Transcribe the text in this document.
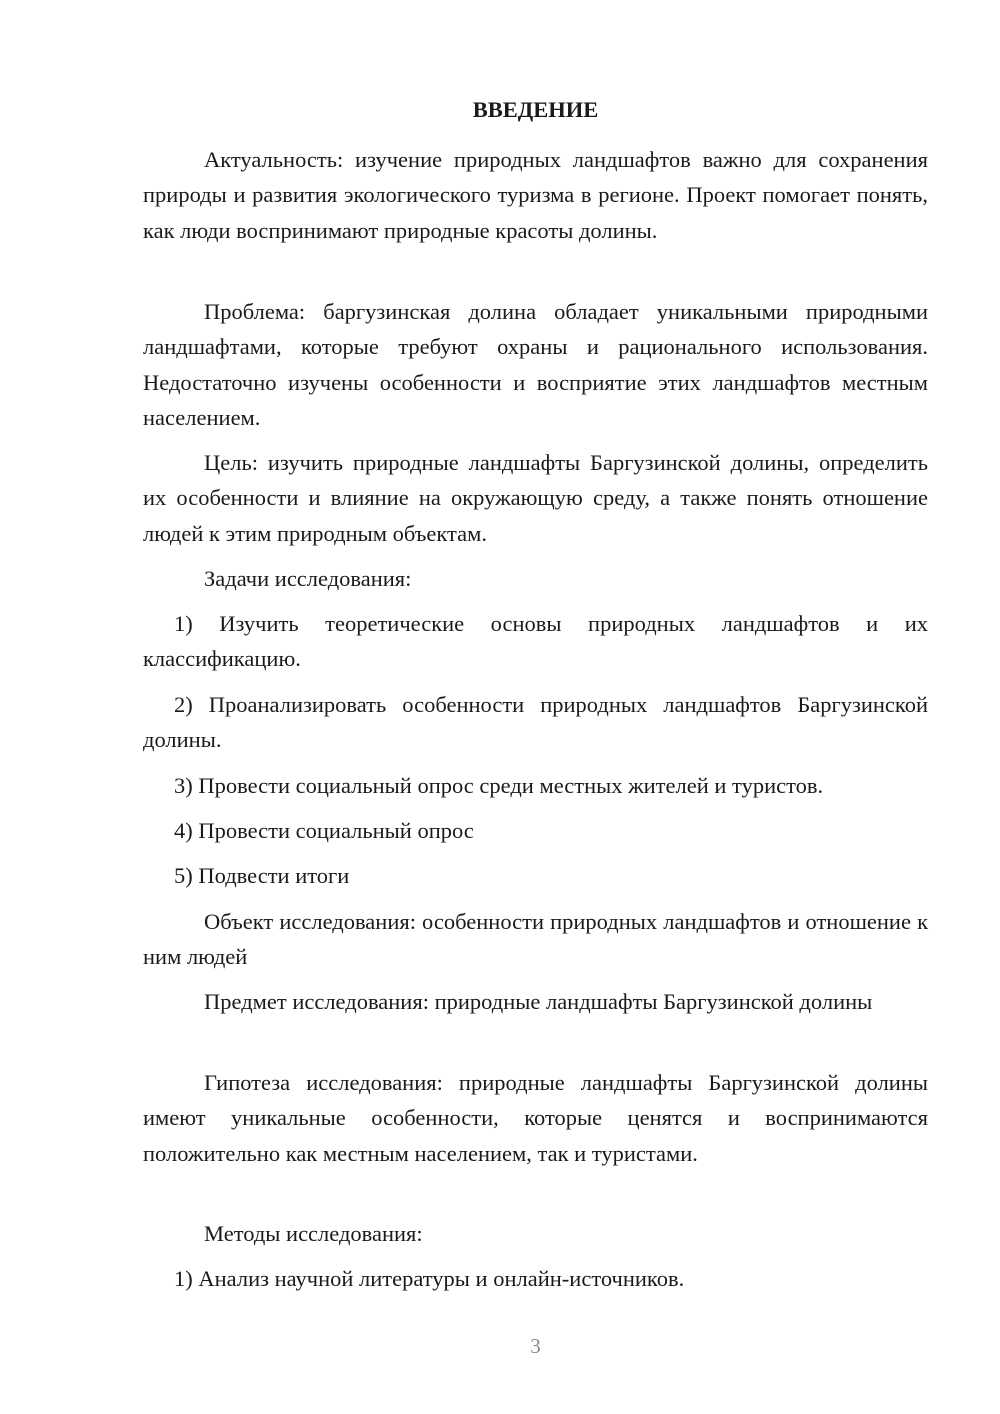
ВВЕДЕНИЕ

Актуальность: изучение природных ландшафтов важно для сохранения природы и развития экологического туризма в регионе. Проект помогает понять, как люди воспринимают природные красоты долины.

Проблема: баргузинская долина обладает уникальными природными ландшафтами, которые требуют охраны и рационального использования. Недостаточно изучены особенности и восприятие этих ландшафтов местным населением.

Цель: изучить природные ландшафты Баргузинской долины, определить их особенности и влияние на окружающую среду, а также понять отношение людей к этим природным объектам.

Задачи исследования:

1) Изучить теоретические основы природных ландшафтов и их классификацию.

2) Проанализировать особенности природных ландшафтов Баргузинской долины.

3) Провести социальный опрос среди местных жителей и туристов.

4) Провести социальный опрос

5) Подвести итоги

Объект исследования: особенности природных ландшафтов и отношение к ним людей

Предмет исследования: природные ландшафты Баргузинской долины

Гипотеза исследования: природные ландшафты Баргузинской долины имеют уникальные особенности, которые ценятся и воспринимаются положительно как местным населением, так и туристами.

Методы исследования:

1) Анализ научной литературы и онлайн-источников.

3
